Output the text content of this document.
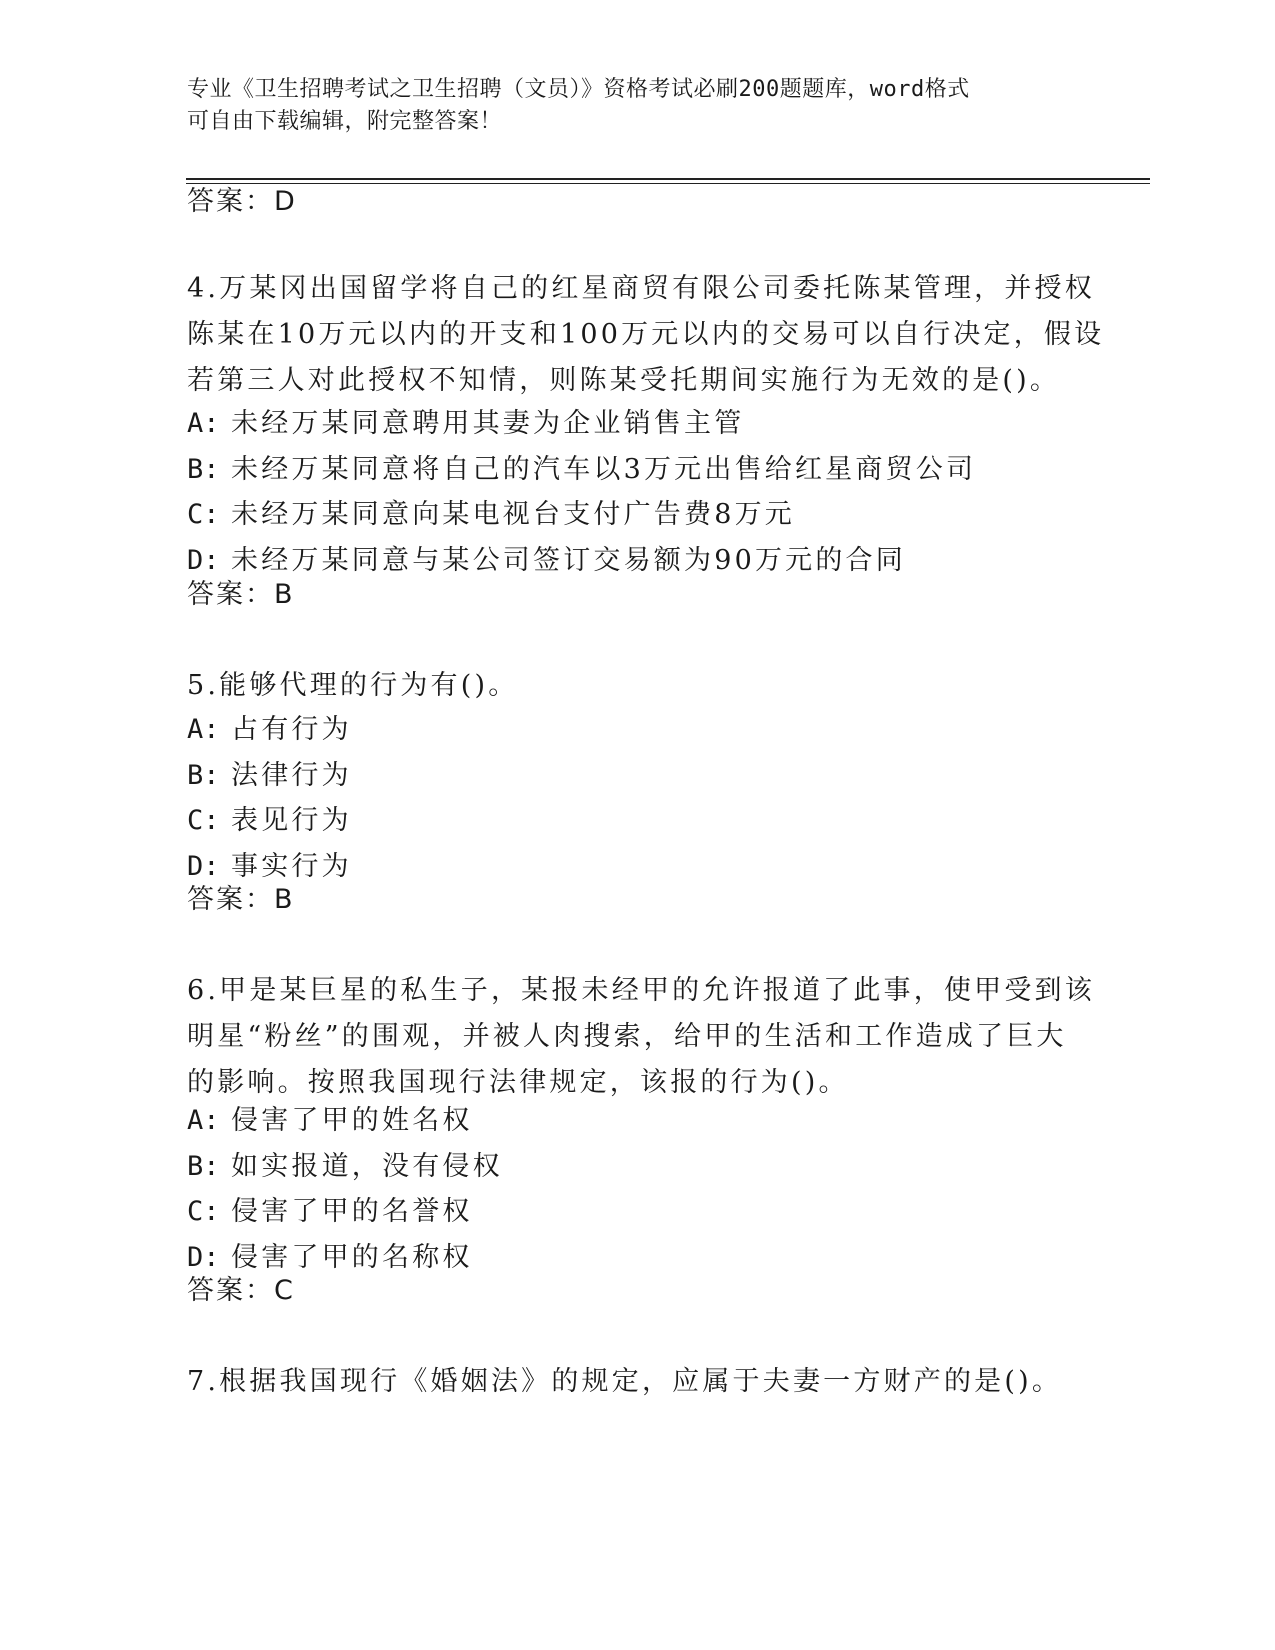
专业《卫生招聘考试之卫生招聘（文员）》资格考试必刷200题题库，word格式
可自由下载编辑，附完整答案！
答案：D
4.万某冈出国留学将自己的红星商贸有限公司委托陈某管理，并授权
陈某在10万元以内的开支和100万元以内的交易可以自行决定，假设
若第三人对此授权不知情，则陈某受托期间实施行为无效的是()。
A: 未经万某同意聘用其妻为企业销售主管
B: 未经万某同意将自己的汽车以3万元出售给红星商贸公司
C: 未经万某同意向某电视台支付广告费8万元
D: 未经万某同意与某公司签订交易额为90万元的合同
答案：B
5.能够代理的行为有()。
A: 占有行为
B: 法律行为
C: 表见行为
D: 事实行为
答案：B
6.甲是某巨星的私生子，某报未经甲的允许报道了此事，使甲受到该
明星“粉丝”的围观，并被人肉搜索，给甲的生活和工作造成了巨大
的影响。按照我国现行法律规定，该报的行为()。
A: 侵害了甲的姓名权
B: 如实报道，没有侵权
C: 侵害了甲的名誉权
D: 侵害了甲的名称权
答案：C
7.根据我国现行《婚姻法》的规定，应属于夫妻一方财产的是()。
